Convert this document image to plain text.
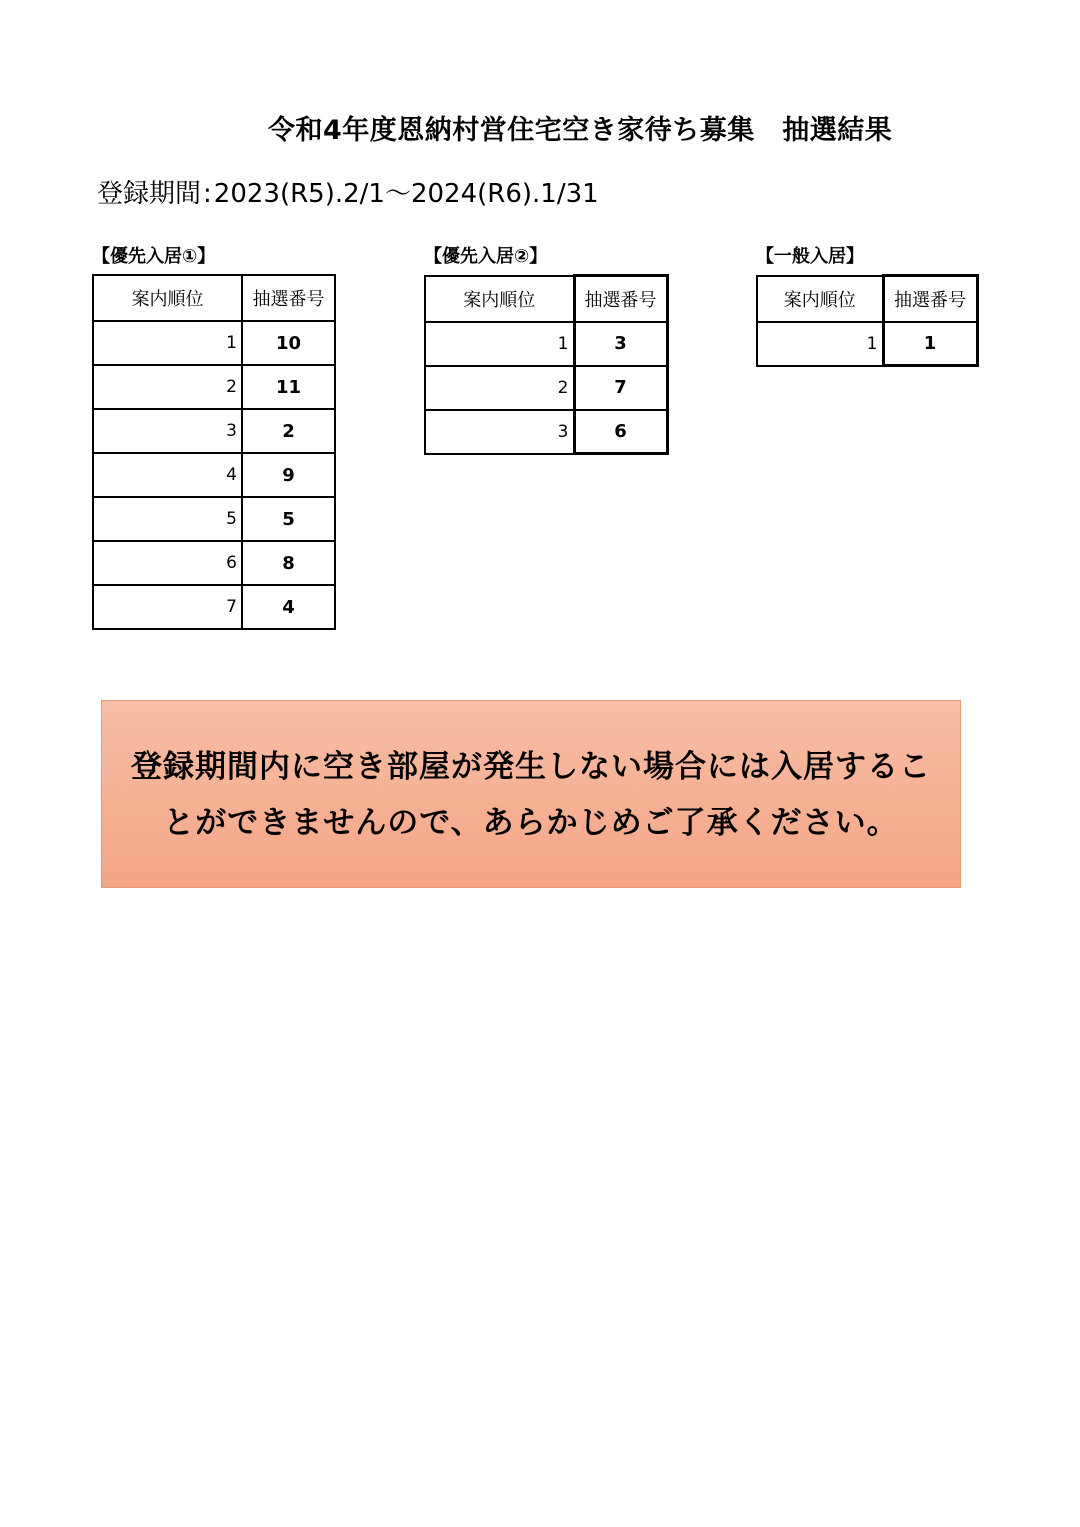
令和4年度恩納村営住宅空き家待ち募集　抽選結果
登録期間:2023(R5).2/1～2024(R6).1/31
【優先入居①】
案内順位	抽選番号
1	10
2	11
3	2
4	9
5	5
6	8
7	4
【優先入居②】
案内順位	抽選番号
1	3
2	7
3	6
【一般入居】
案内順位	抽選番号
1	1
登録期間内に空き部屋が発生しない場合には入居するこ
とができませんので、あらかじめご了承ください。
